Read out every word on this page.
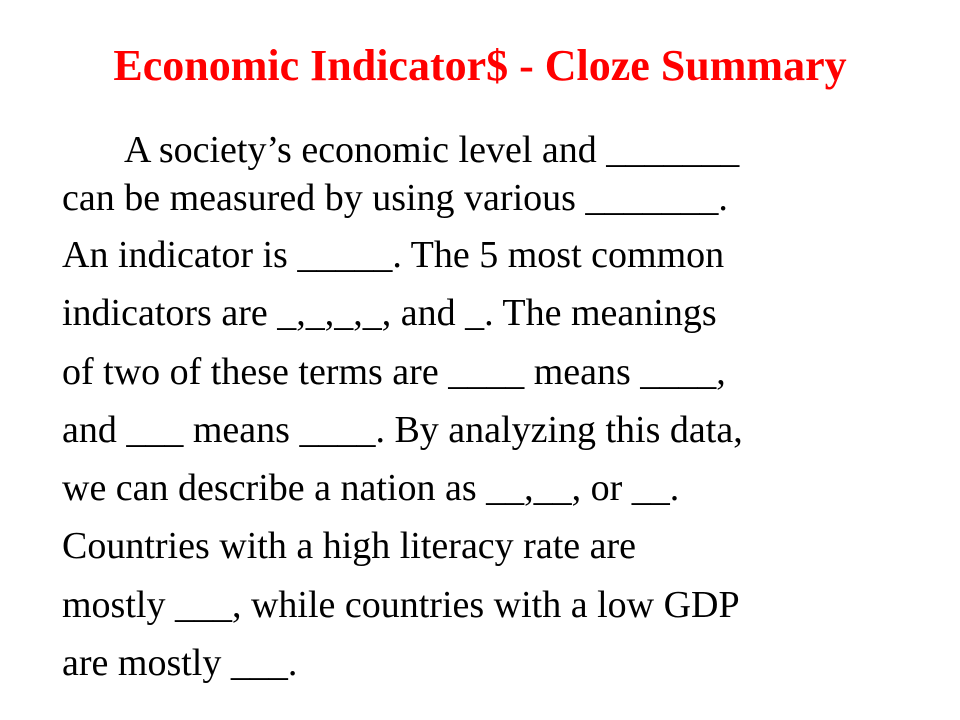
Economic Indicator$ - Cloze Summary
A society’s economic level and _______
can be measured by using various _______.
An indicator is _____. The 5 most common
indicators are _,_,_,_, and _. The meanings
of two of these terms are ____ means ____,
and ___ means ____. By analyzing this data,
we can describe a nation as __,__, or __.
Countries with a high literacy rate are
mostly ___, while countries with a low GDP
are mostly ___.
